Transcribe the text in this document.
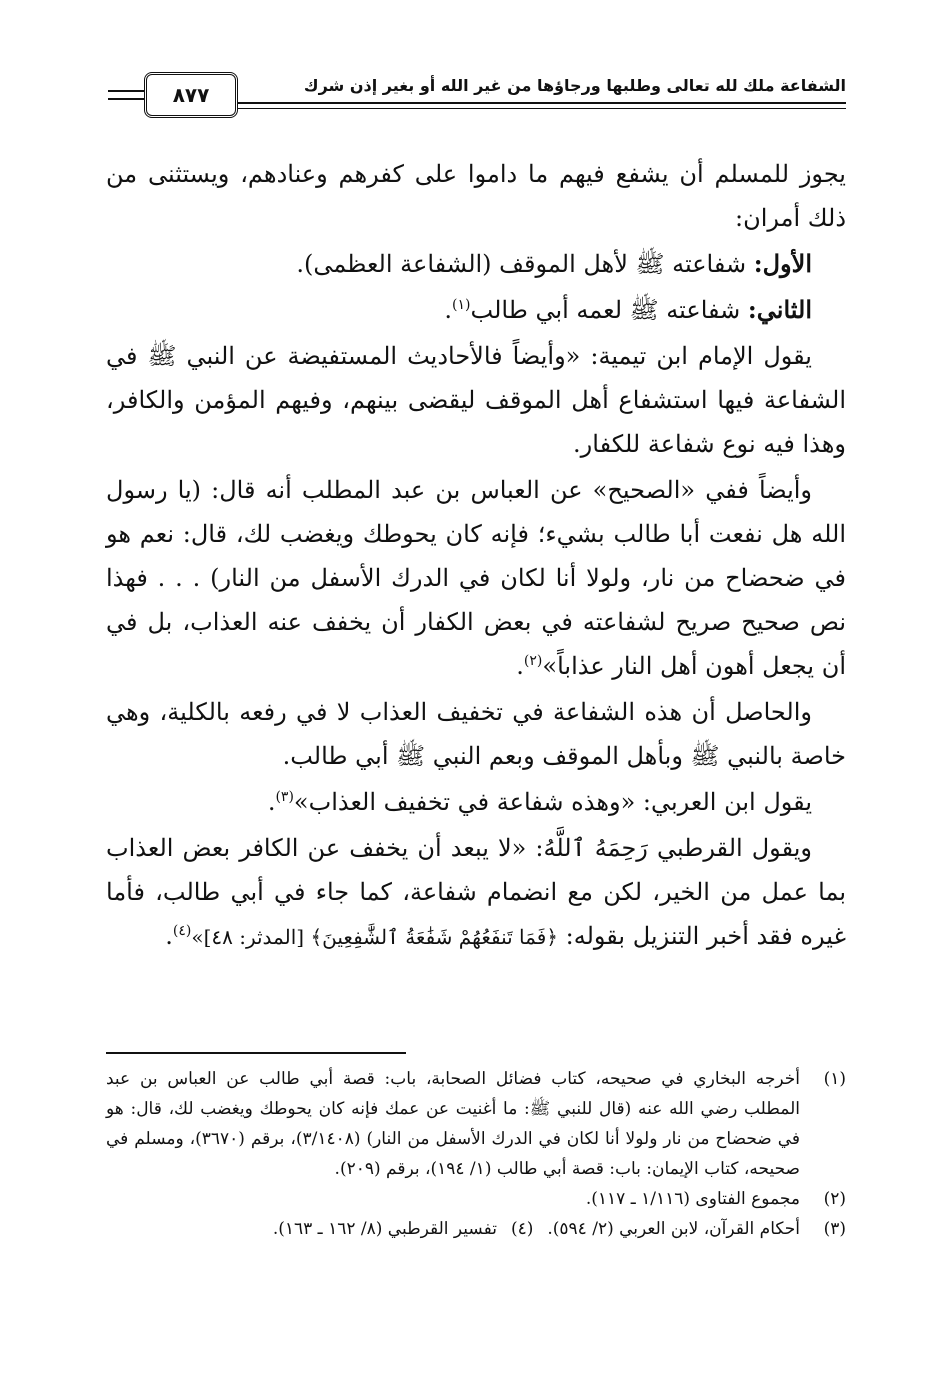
الشفاعة ملك لله تعالى وطلبها ورجاؤها من غير الله أو بغير إذن شرك
٨٧٧

يجوز للمسلم أن يشفع فيهم ما داموا على كفرهم وعنادهم، ويستثنى من ذلك أمران:

الأول: شفاعته ﷺ لأهل الموقف (الشفاعة العظمى).

الثاني: شفاعته ﷺ لعمه أبي طالب$^{(١)}$.

يقول الإمام ابن تيمية: «وأيضاً فالأحاديث المستفيضة عن النبي ﷺ في الشفاعة فيها استشفاع أهل الموقف ليقضى بينهم، وفيهم المؤمن والكافر، وهذا فيه نوع شفاعة للكفار.

وأيضاً ففي «الصحيح» عن العباس بن عبد المطلب أنه قال: (يا رسول الله هل نفعت أبا طالب بشيء؛ فإنه كان يحوطك ويغضب لك، قال: نعم هو في ضحضاح من نار، ولولا أنا لكان في الدرك الأسفل من النار) . . . فهذا نص صحيح صريح لشفاعته في بعض الكفار أن يخفف عنه العذاب، بل في أن يجعل أهون أهل النار عذاباً»$^{(٢)}$.

والحاصل أن هذه الشفاعة في تخفيف العذاب لا في رفعه بالكلية، وهي خاصة بالنبي ﷺ وبأهل الموقف وبعم النبي ﷺ أبي طالب.

يقول ابن العربي: «وهذه شفاعة في تخفيف العذاب»$^{(٣)}$.

ويقول القرطبي رَحِمَهُ ٱللَّهُ: «لا يبعد أن يخفف عن الكافر بعض العذاب بما عمل من الخير، لكن مع انضمام شفاعة، كما جاء في أبي طالب، فأما غيره فقد أخبر التنزيل بقوله: ﴿فَمَا تَنفَعُهُمْ شَفَٰعَةُ ٱلشَّٰفِعِينَ﴾ [المدثر: ٤٨]»$^{(٤)}$.

(١)
أخرجه البخاري في صحيحه، كتاب فضائل الصحابة، باب: قصة أبي طالب عن العباس بن عبد المطلب رضي الله عنه (قال للنبي ﷺ: ما أغنيت عن عمك فإنه كان يحوطك ويغضب لك، قال: هو في ضحضاح من نار ولولا أنا لكان في الدرك الأسفل من النار) (٣/١٤٠٨)، برقم (٣٦٧٠)، ومسلم في صحيحه، كتاب الإيمان: باب: قصة أبي طالب (١/ ١٩٤)، برقم (٢٠٩).
(٢)
مجموع الفتاوى (١/١١٦ ـ ١١٧).
(٣)
أحكام القرآن، لابن العربي (٢/ ٥٩٤).
(٤)
تفسير القرطبي (٨/ ١٦٢ ـ ١٦٣).
